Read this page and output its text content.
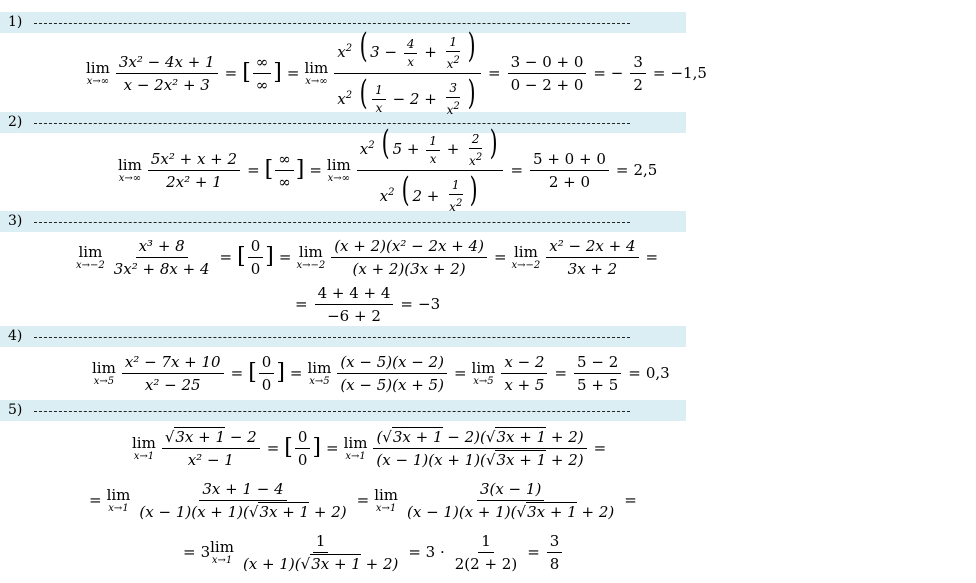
1)
2)
3)
4)
5)
lim
$x\to\infty \frac{\text{3x² − 4x + 1}}{\text{x − 2x² + 3}}$ = [ $\frac{\infty}{\infty}$ ] = lim
$x\to\infty \frac{x^2 ( 3 - \frac{4}{x} + \frac{1}{x^2} )}{x^2 ( \frac{1}{x} - 2 + \frac{3}{x^2} )} = \frac{3 - 0 + 0}{0 - 2 + 0}$ = − $\frac{3}{2} = -1,5$
lim
$x\to\infty \frac{\text{5x² + x + 2}}{\text{2x² + 1}}$ = [ $\frac{\infty}{\infty}$ ] = lim
$x\to\infty \frac{x^2 ( 5 + \frac{1}{x} + \frac{2}{x^2} )}{x^2 ( 2 + \frac{1}{x^2} )} = \frac{5 + 0 + 0}{2 + 0} = 2,5$
lim
$x\to-2 \frac{\text{x³ + 8}}{\text{3x² + 8x + 4}}$ = [ $\frac{0}{0}$ ] = lim
$x\to-2 \frac{\text{(x + 2)(x² − 2x + 4)}}{(x + 2)(3x + 2)} = \lim$
$x\to-2 \frac{\text{x² − 2x + 4}}{3x + 2}$ =
= $\frac{4 + 4 + 4}{-6 + 2} = -3$
lim
$x\to 5 \frac{\text{x² − 7x + 10}}{\text{x² − 25}}$ = [ $\frac{0}{0}$ ] = lim
$x\to 5 \frac{(x - 5)(x - 2)}{(x - 5)(x + 5)} = \lim$
$x\to 5 \frac{x - 2}{x + 5} = \frac{5 - 2}{5 + 5} = 0,3$
lim
$x\to 1 \frac{√3x + 1 - 2}{\text{x² − 1}}$ = [ $\frac{0}{0}$ ] = lim
$x\to 1 \frac{(√3x + 1 - 2)(√3x + 1 + 2)}{(x - 1)(x + 1)(√3x + 1 + 2)}$ =
= lim
$x\to 1 \frac{3x + 1 - 4}{(x - 1)(x + 1)(√3x + 1 + 2)} = \lim$
$x\to 1 \frac{3(x - 1)}{(x - 1)(x + 1)(√3x + 1 + 2)}$ =
= 3 lim
$x\to 1 \frac{1}{(x + 1)(√3x + 1 + 2)} = 3 \cdot \frac{1}{2(2 + 2)} = \frac{3}{8}$
